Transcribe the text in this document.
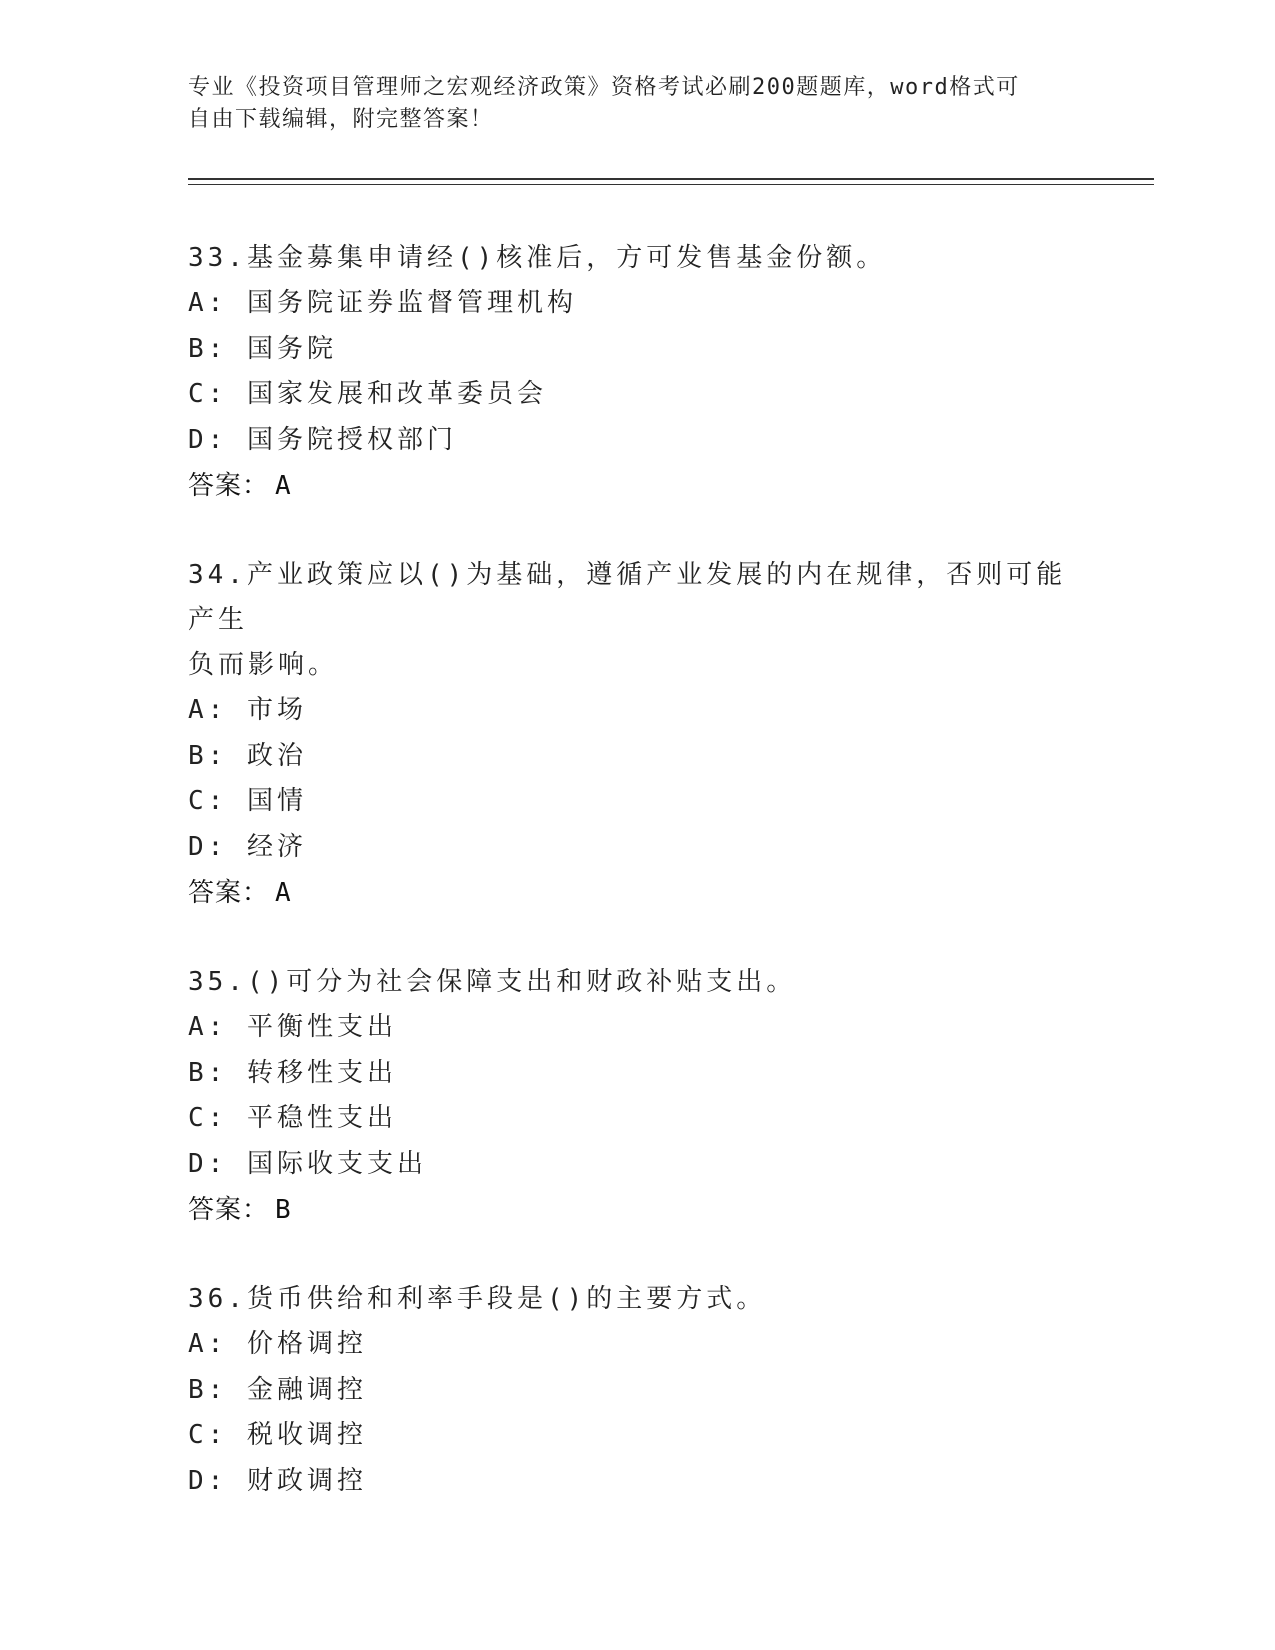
专业《投资项目管理师之宏观经济政策》资格考试必刷200题题库，word格式可
自由下载编辑，附完整答案！
33.基金募集申请经()核准后，方可发售基金份额。
A: 国务院证券监督管理机构
B: 国务院
C: 国家发展和改革委员会
D: 国务院授权部门
答案： A
34.产业政策应以()为基础，遵循产业发展的内在规律，否则可能产生
负而影响。
A: 市场
B: 政治
C: 国情
D: 经济
答案： A
35.()可分为社会保障支出和财政补贴支出。
A: 平衡性支出
B: 转移性支出
C: 平稳性支出
D: 国际收支支出
答案： B
36.货币供给和利率手段是()的主要方式。
A: 价格调控
B: 金融调控
C: 税收调控
D: 财政调控
